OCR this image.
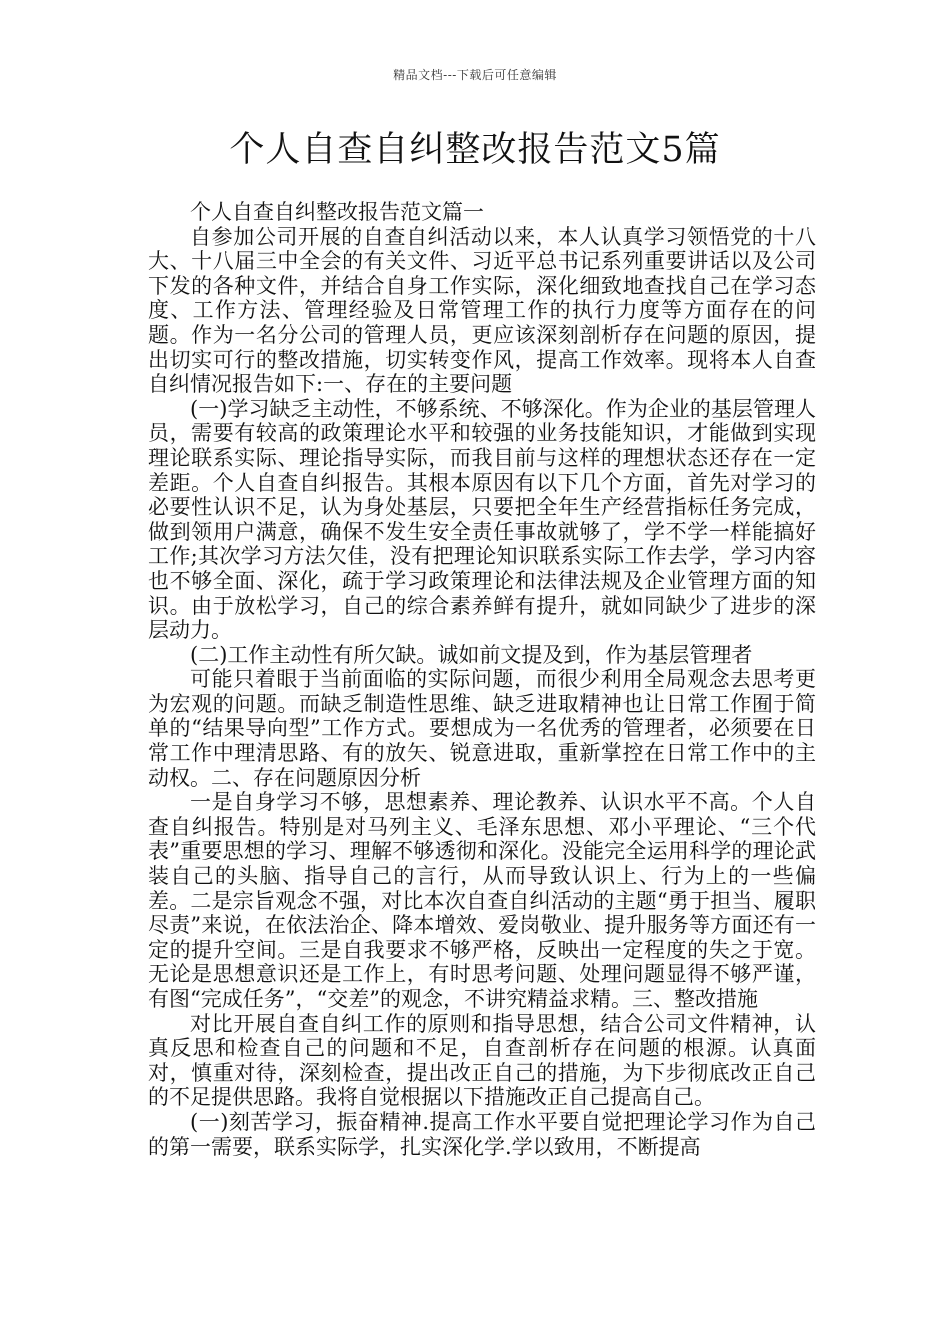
精品文档---下载后可任意编辑
个人自查自纠整改报告范文5篇

个人自查自纠整改报告范文篇一

自参加公司开展的自查自纠活动以来，本人认真学习领悟党的十八大、十八届三中全会的有关文件、习近平总书记系列重要讲话以及公司下发的各种文件，并结合自身工作实际，深化细致地查找自己在学习态度、工作方法、管理经验及日常管理工作的执行力度等方面存在的问题。作为一名分公司的管理人员，更应该深刻剖析存在问题的原因，提出切实可行的整改措施，切实转变作风，提高工作效率。现将本人自查自纠情况报告如下:一、存在的主要问题

(一)学习缺乏主动性，不够系统、不够深化。作为企业的基层管理人员，需要有较高的政策理论水平和较强的业务技能知识，才能做到实现理论联系实际、理论指导实际，而我目前与这样的理想状态还存在一定差距。个人自查自纠报告。其根本原因有以下几个方面，首先对学习的必要性认识不足，认为身处基层，只要把全年生产经营指标任务完成，做到领用户满意，确保不发生安全责任事故就够了，学不学一样能搞好工作;其次学习方法欠佳，没有把理论知识联系实际工作去学，学习内容也不够全面、深化，疏于学习政策理论和法律法规及企业管理方面的知识。由于放松学习，自己的综合素养鲜有提升，就如同缺少了进步的深层动力。

(二)工作主动性有所欠缺。诚如前文提及到，作为基层管理者

可能只着眼于当前面临的实际问题，而很少利用全局观念去思考更为宏观的问题。而缺乏制造性思维、缺乏进取精神也让日常工作囿于简单的“结果导向型”工作方式。要想成为一名优秀的管理者，必须要在日常工作中理清思路、有的放矢、锐意进取，重新掌控在日常工作中的主动权。二、存在问题原因分析

一是自身学习不够，思想素养、理论教养、认识水平不高。个人自查自纠报告。特别是对马列主义、毛泽东思想、邓小平理论、“三个代表”重要思想的学习、理解不够透彻和深化。没能完全运用科学的理论武装自己的头脑、指导自己的言行，从而导致认识上、行为上的一些偏差。二是宗旨观念不强，对比本次自查自纠活动的主题“勇于担当、履职尽责”来说，在依法治企、降本增效、爱岗敬业、提升服务等方面还有一定的提升空间。三是自我要求不够严格，反映出一定程度的失之于宽。无论是思想意识还是工作上，有时思考问题、处理问题显得不够严谨，有图“完成任务”，“交差”的观念，不讲究精益求精。三、整改措施

对比开展自查自纠工作的原则和指导思想，结合公司文件精神，认真反思和检查自己的问题和不足，自查剖析存在问题的根源。认真面对，慎重对待，深刻检查，提出改正自己的措施，为下步彻底改正自己的不足提供思路。我将自觉根据以下措施改正自己提高自己。

(一)刻苦学习，振奋精神.提高工作水平要自觉把理论学习作为自己的第一需要，联系实际学，扎实深化学.学以致用，不断提高
